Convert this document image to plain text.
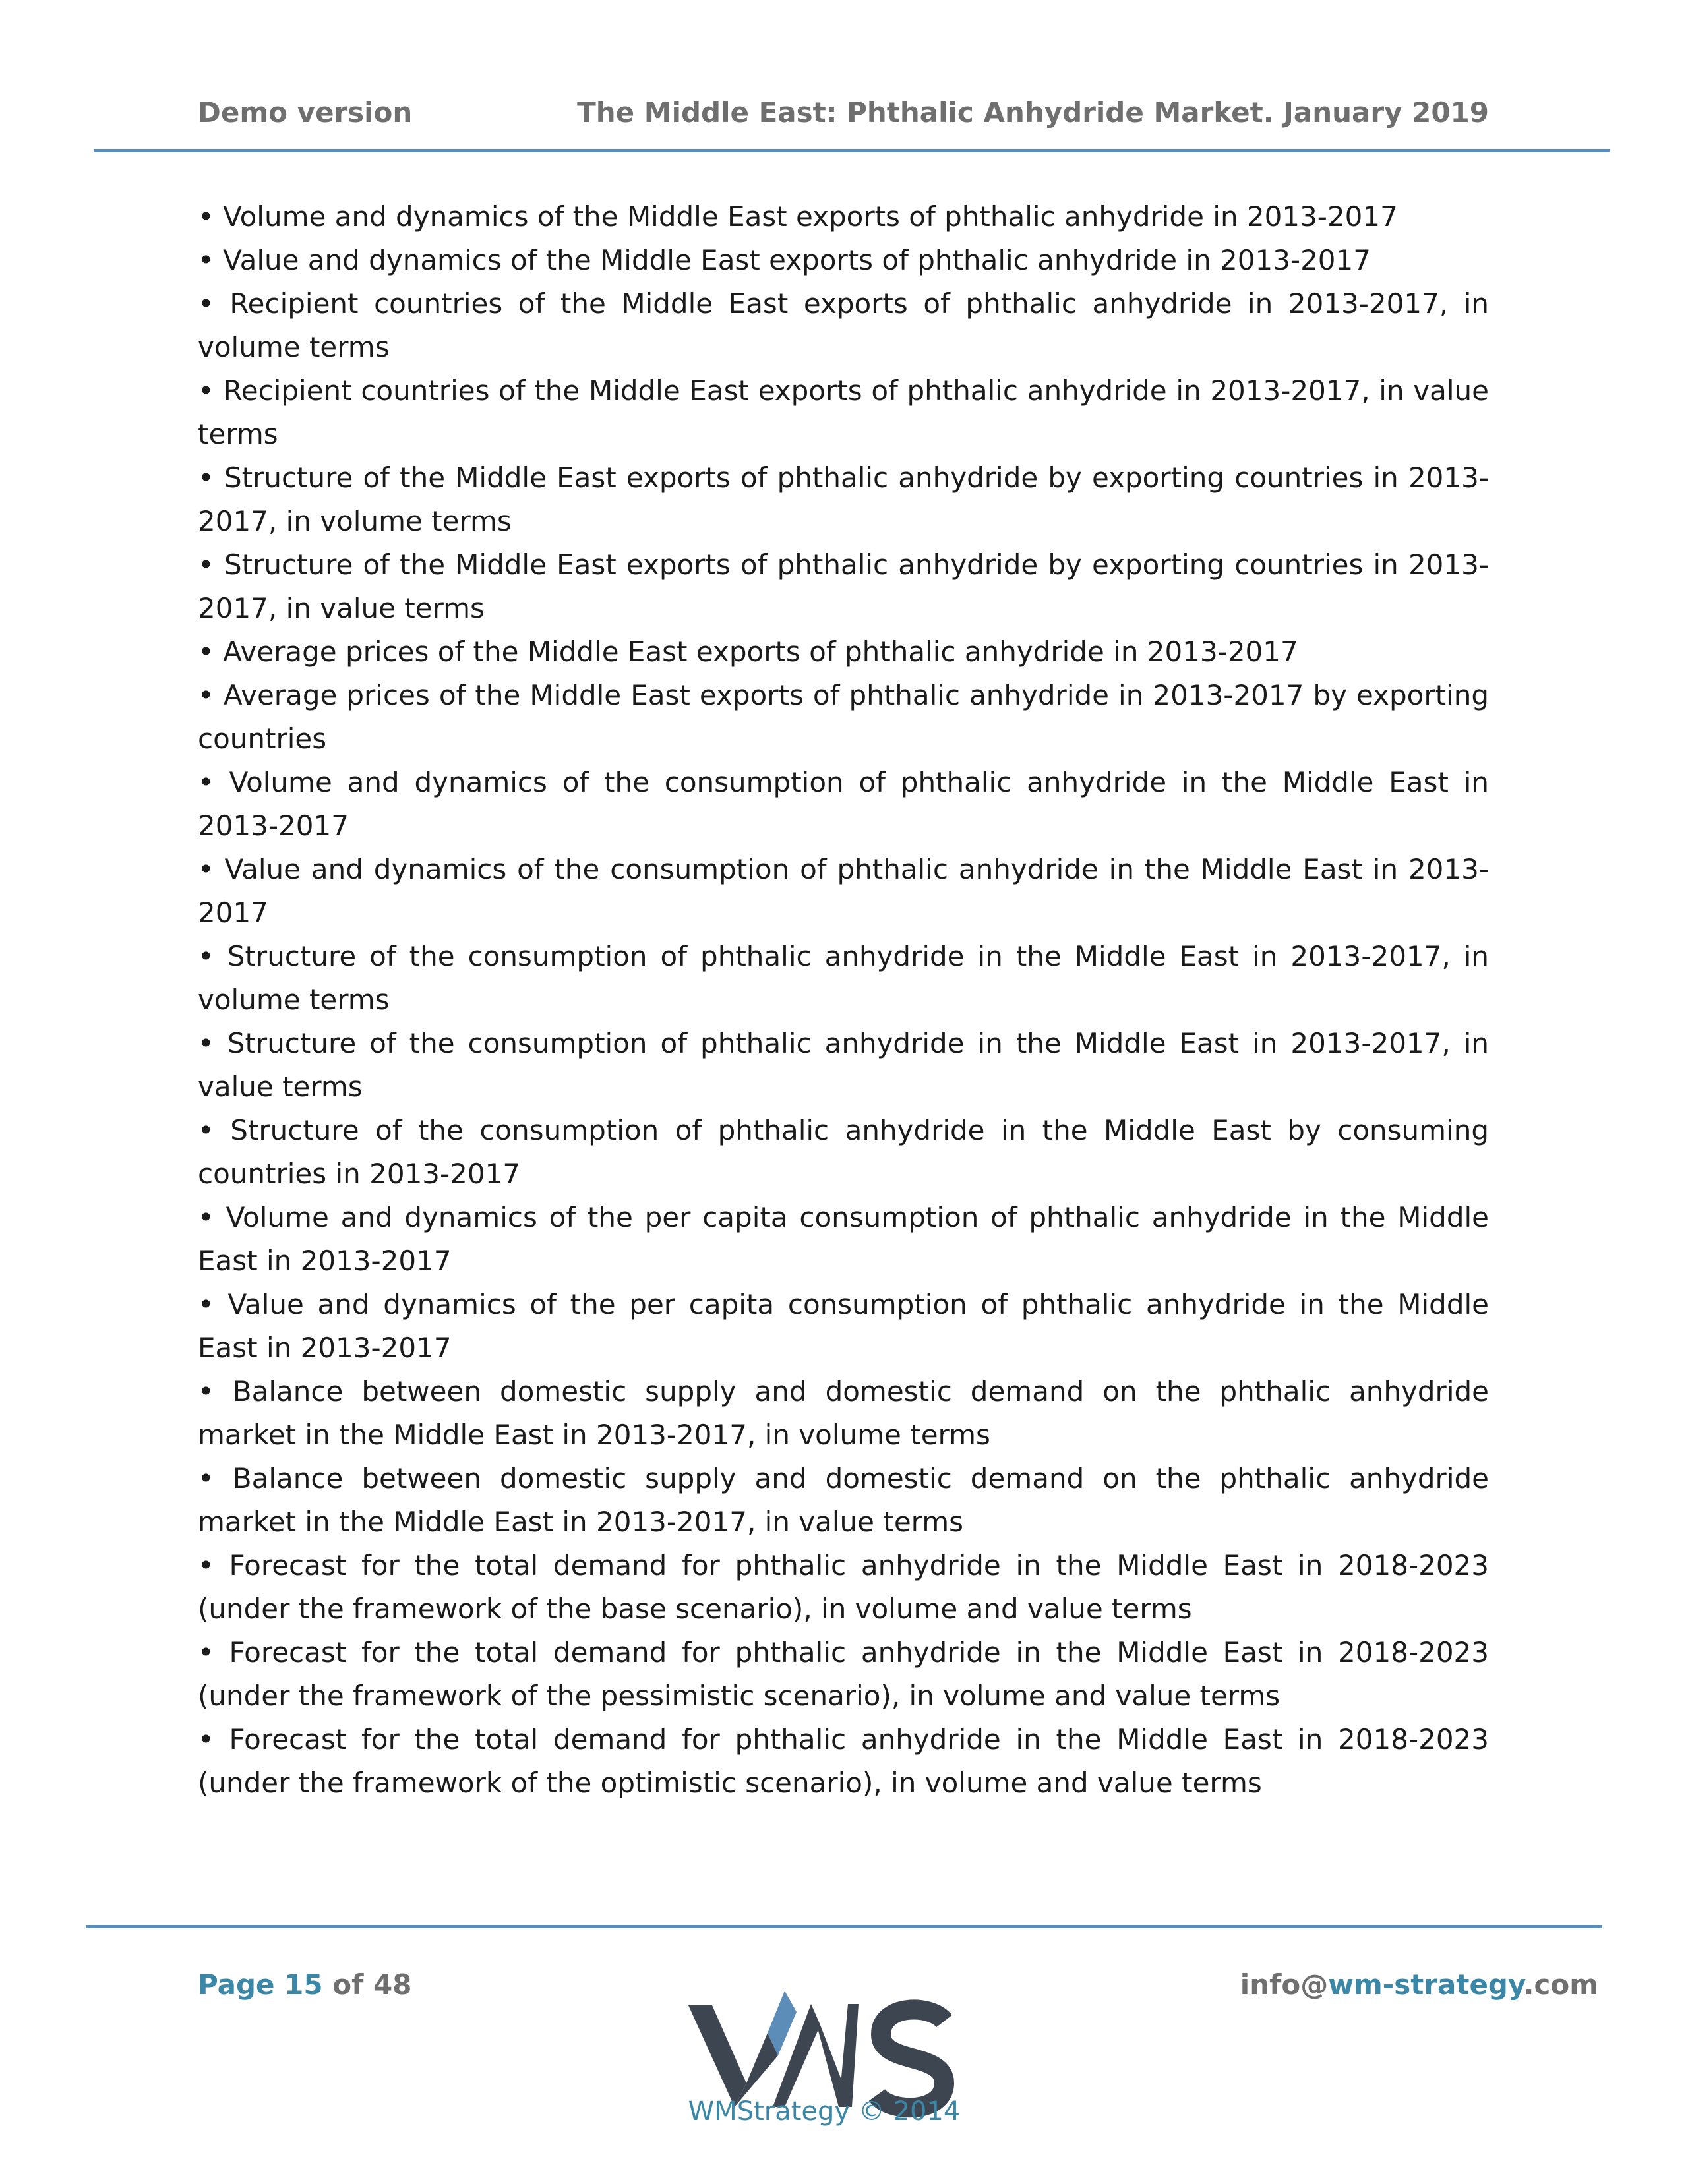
Demo version	The Middle East: Phthalic Anhydride Market. January 2019
• Volume and dynamics of the Middle East exports of phthalic anhydride in 2013-2017
• Value and dynamics of the Middle East exports of phthalic anhydride in 2013-2017
• Recipient countries of the Middle East exports of phthalic anhydride in 2013-2017, in volume terms
• Recipient countries of the Middle East exports of phthalic anhydride in 2013-2017, in value terms
• Structure of the Middle East exports of phthalic anhydride by exporting countries in 2013-2017, in volume terms
• Structure of the Middle East exports of phthalic anhydride by exporting countries in 2013-2017, in value terms
• Average prices of the Middle East exports of phthalic anhydride in 2013-2017
• Average prices of the Middle East exports of phthalic anhydride in 2013-2017 by exporting countries
• Volume and dynamics of the consumption of phthalic anhydride in the Middle East in 2013-2017
• Value and dynamics of the consumption of phthalic anhydride in the Middle East in 2013-2017
• Structure of the consumption of phthalic anhydride in the Middle East in 2013-2017, in volume terms
• Structure of the consumption of phthalic anhydride in the Middle East in 2013-2017, in value terms
• Structure of the consumption of phthalic anhydride in the Middle East by consuming countries in 2013-2017
• Volume and dynamics of the per capita consumption of phthalic anhydride in the Middle East in 2013-2017
• Value and dynamics of the per capita consumption of phthalic anhydride in the Middle East in 2013-2017
• Balance between domestic supply and domestic demand on the phthalic anhydride market in the Middle East in 2013-2017, in volume terms
• Balance between domestic supply and domestic demand on the phthalic anhydride market in the Middle East in 2013-2017, in value terms
• Forecast for the total demand for phthalic anhydride in the Middle East in 2018-2023 (under the framework of the base scenario), in volume and value terms
• Forecast for the total demand for phthalic anhydride in the Middle East in 2018-2023 (under the framework of the pessimistic scenario), in volume and value terms
• Forecast for the total demand for phthalic anhydride in the Middle East in 2018-2023 (under the framework of the optimistic scenario), in volume and value terms
Page 15 of 48	info@wm-strategy.com
WMStrategy © 2014
